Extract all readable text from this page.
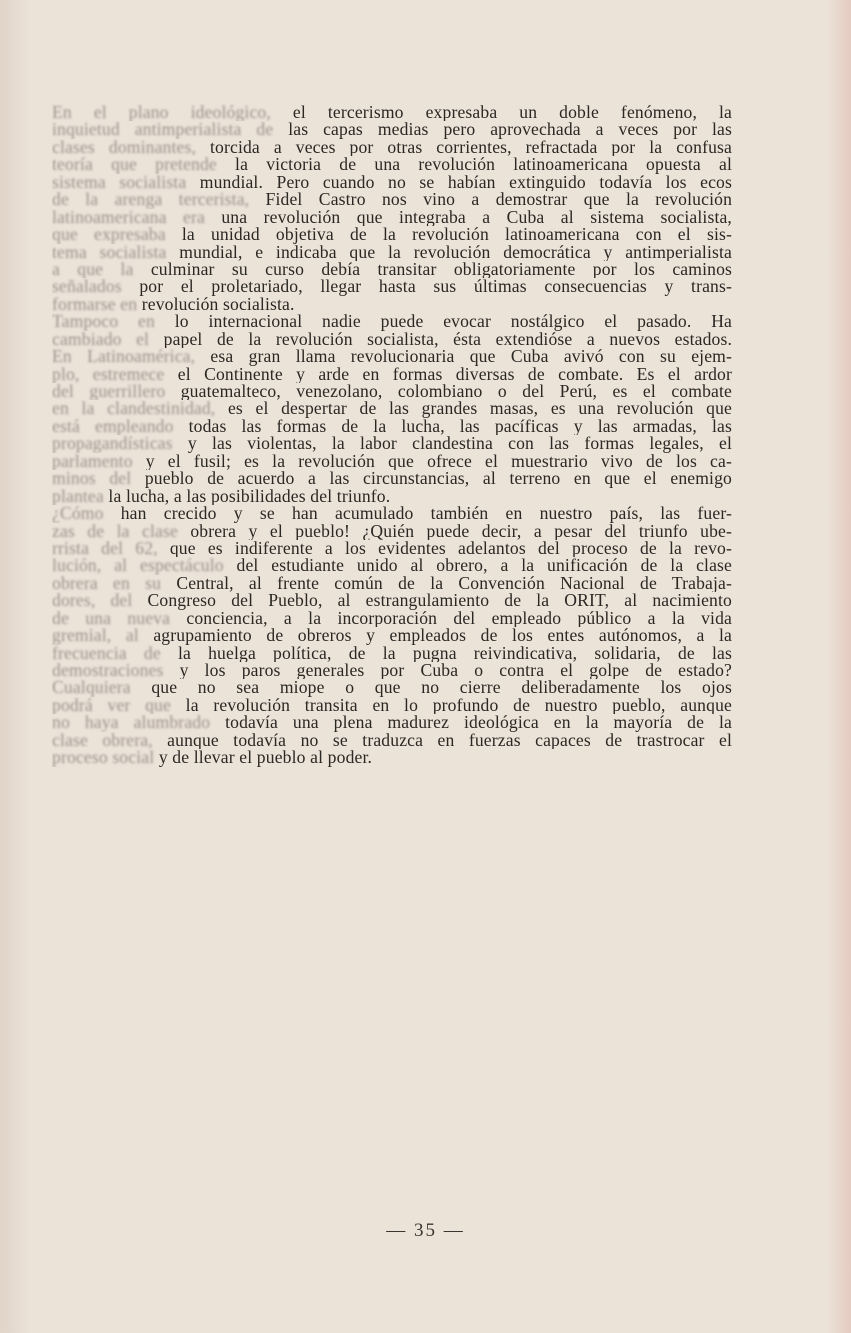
En el plano ideológico, el tercerismo expresaba un doble fenómeno, la
inquietud antimperialista de las capas medias pero aprovechada a veces por las
clases dominantes, torcida a veces por otras corrientes, refractada por la confusa
teoría que pretende la victoria de una revolución latinoamericana opuesta al
sistema socialista mundial. Pero cuando no se habían extinguido todavía los ecos
de la arenga tercerista, Fidel Castro nos vino a demostrar que la revolución
latinoamericana era una revolución que integraba a Cuba al sistema socialista,
que expresaba la unidad objetiva de la revolución latinoamericana con el sis-
tema socialista mundial, e indicaba que la revolución democrática y antimperialista
a que la culminar su curso debía transitar obligatoriamente por los caminos
señalados por el proletariado, llegar hasta sus últimas consecuencias y trans-
formarse en revolución socialista.
Tampoco en lo internacional nadie puede evocar nostálgico el pasado. Ha
cambiado el papel de la revolución socialista, ésta extendióse a nuevos estados.
En Latinoamérica, esa gran llama revolucionaria que Cuba avivó con su ejem-
plo, estremece el Continente y arde en formas diversas de combate. Es el ardor
del guerrillero guatemalteco, venezolano, colombiano o del Perú, es el combate
en la clandestinidad, es el despertar de las grandes masas, es una revolución que
está empleando todas las formas de la lucha, las pacíficas y las armadas, las
propagandísticas y las violentas, la labor clandestina con las formas legales, el
parlamento y el fusil; es la revolución que ofrece el muestrario vivo de los ca-
minos del pueblo de acuerdo a las circunstancias, al terreno en que el enemigo
plantea la lucha, a las posibilidades del triunfo.
¿Cómo han crecido y se han acumulado también en nuestro país, las fuer-
zas de la clase obrera y el pueblo! ¿Quién puede decir, a pesar del triunfo ube-
rrista del 62, que es indiferente a los evidentes adelantos del proceso de la revo-
lución, al espectáculo del estudiante unido al obrero, a la unificación de la clase
obrera en su Central, al frente común de la Convención Nacional de Trabaja-
dores, del Congreso del Pueblo, al estrangulamiento de la ORIT, al nacimiento
de una nueva conciencia, a la incorporación del empleado público a la vida
gremial, al agrupamiento de obreros y empleados de los entes autónomos, a la
frecuencia de la huelga política, de la pugna reivindicativa, solidaria, de las
demostraciones y los paros generales por Cuba o contra el golpe de estado?
Cualquiera que no sea miope o que no cierre deliberadamente los ojos
podrá ver que la revolución transita en lo profundo de nuestro pueblo, aunque
no haya alumbrado todavía una plena madurez ideológica en la mayoría de la
clase obrera, aunque todavía no se traduzca en fuerzas capaces de trastrocar el
proceso social y de llevar el pueblo al poder.
— 35 —
